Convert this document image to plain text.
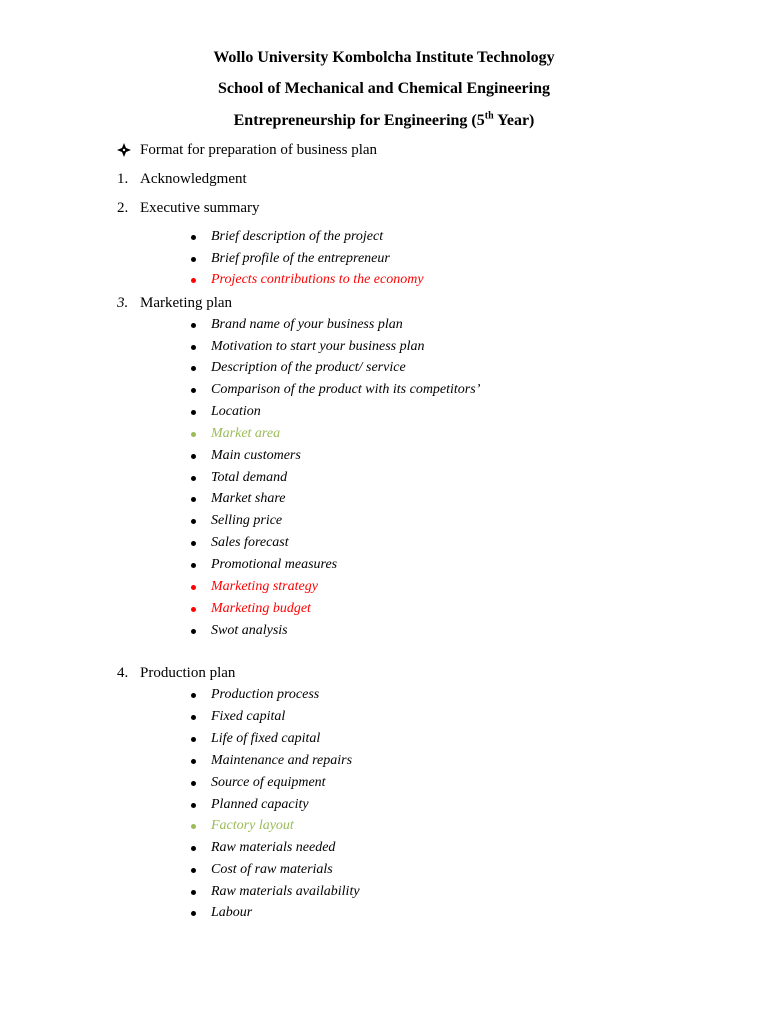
Wollo University Kombolcha Institute Technology
School of Mechanical and Chemical Engineering
Entrepreneurship for Engineering (5th Year)
Format for preparation of business plan
1. Acknowledgment
2. Executive summary
Brief description of the project
Brief profile of the entrepreneur
Projects contributions to the economy
3. Marketing plan
Brand name of your business plan
Motivation to start your business plan
Description of the product/ service
Comparison of the product with its competitors’
Location
Market area
Main customers
Total demand
Market share
Selling price
Sales forecast
Promotional measures
Marketing strategy
Marketing budget
Swot analysis
4. Production plan
Production process
Fixed capital
Life of fixed capital
Maintenance and repairs
Source of equipment
Planned capacity
Factory layout
Raw materials needed
Cost of raw materials
Raw materials availability
Labour
